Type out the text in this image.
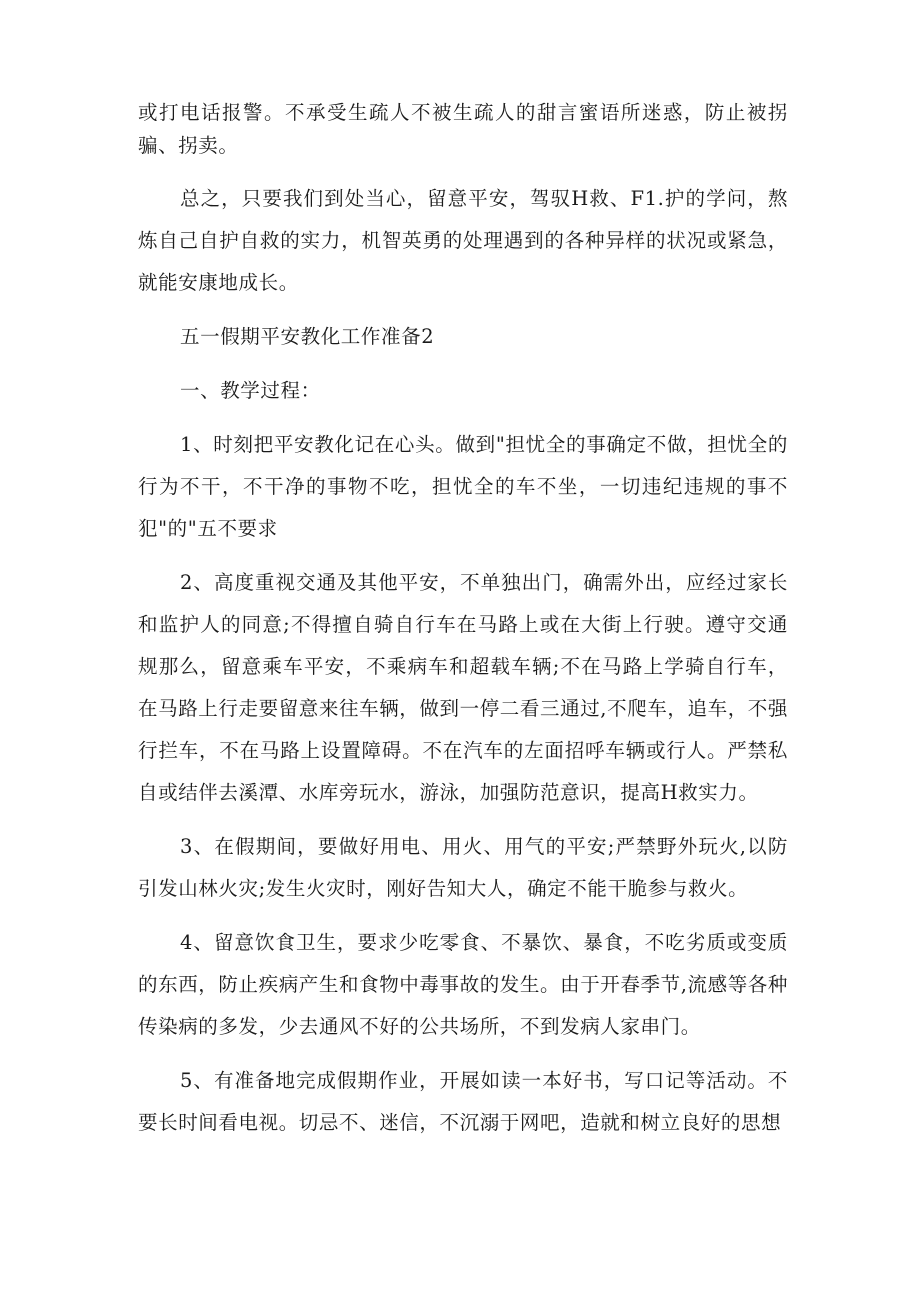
或打电话报警。不承受生疏人不被生疏人的甜言蜜语所迷惑，防止被拐骗、拐卖。

总之，只要我们到处当心，留意平安，驾驭H救、F1.护的学问，熬炼自己自护自救的实力，机智英勇的处理遇到的各种异样的状况或紧急，就能安康地成长。

五一假期平安教化工作准备2

一、教学过程：

1、时刻把平安教化记在心头。做到"担忧全的事确定不做，担忧全的行为不干，不干净的事物不吃，担忧全的车不坐，一切违纪违规的事不犯"的"五不要求

2、高度重视交通及其他平安，不单独出门，确需外出，应经过家长和监护人的同意;不得擅自骑自行车在马路上或在大街上行驶。遵守交通规那么，留意乘车平安，不乘病车和超载车辆;不在马路上学骑自行车，在马路上行走要留意来往车辆，做到一停二看三通过,不爬车，追车，不强行拦车，不在马路上设置障碍。不在汽车的左面招呼车辆或行人。严禁私自或结伴去溪潭、水库旁玩水，游泳，加强防范意识，提高H救实力。

3、在假期间，要做好用电、用火、用气的平安;严禁野外玩火,以防引发山林火灾;发生火灾时，刚好告知大人，确定不能干脆参与救火。

4、留意饮食卫生，要求少吃零食、不暴饮、暴食，不吃劣质或变质的东西，防止疾病产生和食物中毒事故的发生。由于开春季节,流感等各种传染病的多发，少去通风不好的公共场所，不到发病人家串门。

5、有准备地完成假期作业，开展如读一本好书，写口记等活动。不要长时间看电视。切忌不、迷信，不沉溺于网吧，造就和树立良好的思想
